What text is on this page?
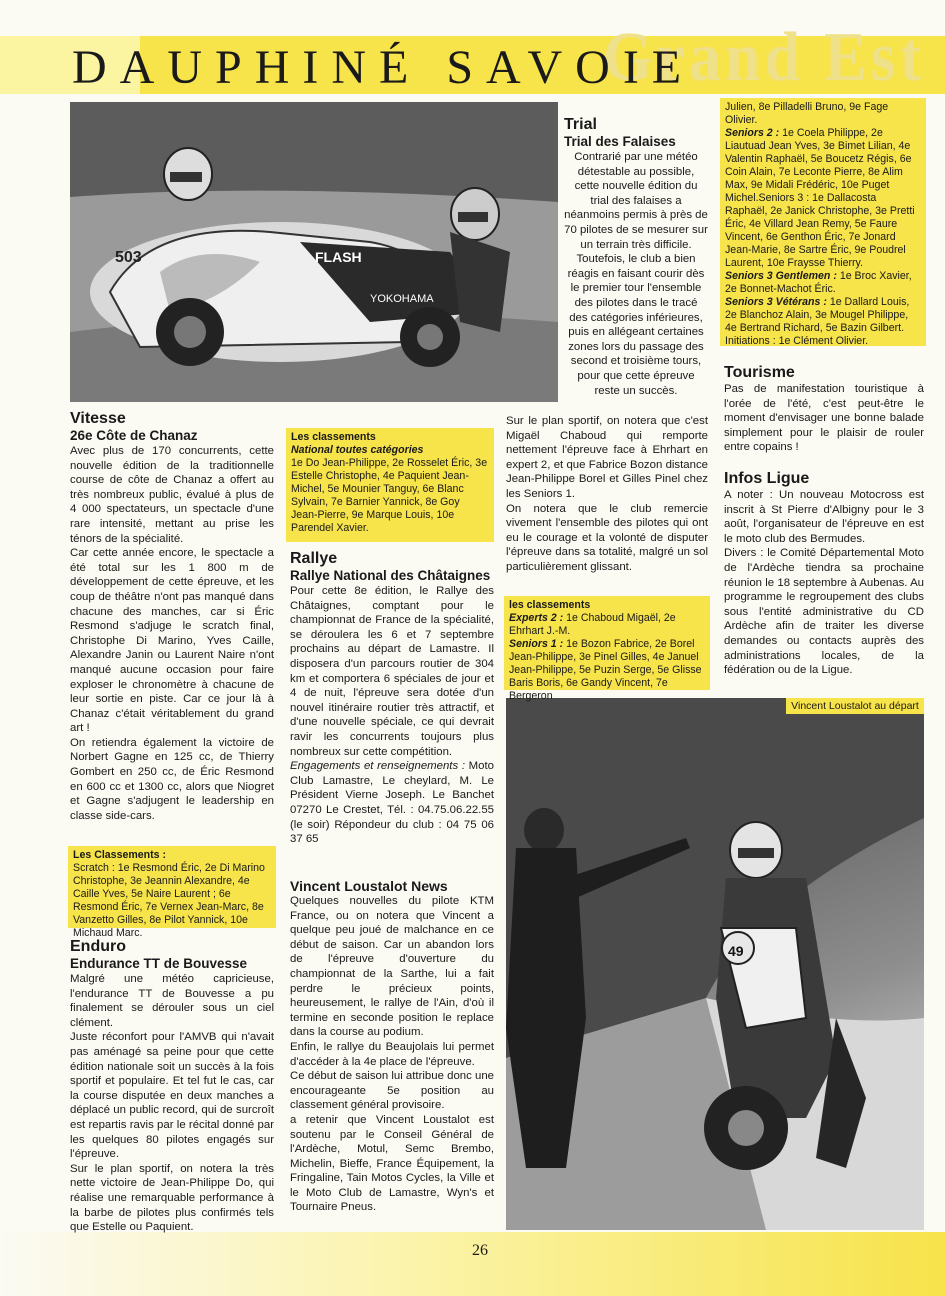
Grand Est
DAUPHINÉ SAVOIE
26
FLASH
YOKOHAMA
503
49
Vincent Loustalot au départ
Vitesse
26e Côte de Chanaz

Avec plus de 170 concurrents, cette nouvelle édition de la traditionnelle course de côte de Chanaz a offert au très nombreux public, évalué à plus de 4 000 spectateurs, un spectacle d'une rare intensité, mettant au prise les ténors de la spécialité.

Car cette année encore, le spectacle a été total sur les 1 800 m de développement de cette épreuve, et les coup de théâtre n'ont pas manqué dans chacune des manches, car si Éric Resmond s'adjuge le scratch final, Christophe Di Marino, Yves Caille, Alexandre Janin ou Laurent Naire n'ont manqué aucune occasion pour faire exploser le chronomètre à chacune de leur sortie en piste. Car ce jour là à Chanaz c'était véritablement du grand art !

On retiendra également la victoire de Norbert Gagne en 125 cc, de Thierry Gombert en 250 cc, de Éric Resmond en 600 cc et 1300 cc, alors que Niogret et Gagne s'adjugent le leadership en classe side-cars.

Les Classements :
Scratch : 1e Resmond Éric, 2e Di Marino Christophe, 3e Jeannin Alexandre, 4e Caille Yves, 5e Naire Laurent ; 6e Resmond Éric, 7e Vernex Jean-Marc, 8e Vanzetto Gilles, 8e Pilot Yannick, 10e Michaud Marc.
Enduro
Endurance TT de Bouvesse

Malgré une météo capricieuse, l'endurance TT de Bouvesse a pu finalement se dérouler sous un ciel clément.

Juste réconfort pour l'AMVB qui n'avait pas aménagé sa peine pour que cette édition nationale soit un succès à la fois sportif et populaire. Et tel fut le cas, car la course disputée en deux manches a déplacé un public record, qui de surcroît est repartis ravis par le récital donné par les quelques 80 pilotes engagés sur l'épreuve.

Sur le plan sportif, on notera la très nette victoire de Jean-Philippe Do, qui réalise une remarquable performance à la barbe de pilotes plus confirmés tels que Estelle ou Paquient.

Les classements
National toutes catégories
1e Do Jean-Philippe, 2e Rosselet Éric, 3e Estelle Christophe, 4e Paquient Jean-Michel, 5e Mounier Tanguy, 6e Blanc Sylvain, 7e Barnier Yannick, 8e Goy Jean-Pierre, 9e Marque Louis, 10e Parendel Xavier.
Rallye
Rallye National des Châtaignes

Pour cette 8e édition, le Rallye des Châtaignes, comptant pour le championnat de France de la spécialité, se déroulera les 6 et 7 septembre prochains au départ de Lamastre. Il disposera d'un parcours routier de 304 km et comportera 6 spéciales de jour et 4 de nuit, l'épreuve sera dotée d'un nouvel itinéraire routier très attractif, et d'une nouvelle spéciale, ce qui devrait ravir les concurrents toujours plus nombreux sur cette compétition.

Engagements et renseignements : Moto Club Lamastre, Le cheylard, M. Le Président Vierne Joseph. Le Banchet 07270 Le Crestet, Tél. : 04.75.06.22.55 (le soir) Répondeur du club : 04 75 06 37 65

Vincent Loustalot News

Quelques nouvelles du pilote KTM France, ou on notera que Vincent a quelque peu joué de malchance en ce début de saison. Car un abandon lors de l'épreuve d'ouverture du championnat de la Sarthe, lui a fait perdre le précieux points, heureusement, le rallye de l'Ain, d'où il termine en seconde position le replace dans la course au podium.

Enfin, le rallye du Beaujolais lui permet d'accéder à la 4e place de l'épreuve.

Ce début de saison lui attribue donc une encourageante 5e position au classement général provisoire.

a retenir que Vincent Loustalot est soutenu par le Conseil Général de l'Ardèche, Motul, Semc Brembo, Michelin, Bieffe, France Équipement, la Fringaline, Tain Motos Cycles, la Ville et le Moto Club de Lamastre, Wyn's et Tournaire Pneus.

Trial
Trial des Falaises
Contrarié par une météo détestable au possible, cette nouvelle édition du trial des falaises a néanmoins permis à près de 70 pilotes de se mesurer sur un terrain très difficile. Toutefois, le club a bien réagis en faisant courir dès le premier tour l'ensemble des pilotes dans le tracé des catégories inférieures, puis en allégeant certaines zones lors du passage des second et troisième tours, pour que cette épreuve reste un succès.

Sur le plan sportif, on notera que c'est Migaël Chaboud qui remporte nettement l'épreuve face à Ehrhart en expert 2, et que Fabrice Bozon distance Jean-Philippe Borel et Gilles Pinel chez les Seniors 1.

On notera que le club remercie vivement l'ensemble des pilotes qui ont eu le courage et la volonté de disputer l'épreuve dans sa totalité, malgré un sol particulièrement glissant.

les classements
Experts 2 : 1e Chaboud Migaël, 2e Ehrhart J.-M.
Seniors 1 : 1e Bozon Fabrice, 2e Borel Jean-Philippe, 3e Pinel Gilles, 4e Januel Jean-Philippe, 5e Puzin Serge, 5e Glisse Baris Boris, 6e Gandy Vincent, 7e Bergeron
Julien, 8e Pilladelli Bruno, 9e Fage Olivier.
Seniors 2 : 1e Coela Philippe, 2e Liautuad Jean Yves, 3e Bimet Lilian, 4e Valentin Raphaël, 5e Boucetz Régis, 6e Coin Alain, 7e Leconte Pierre, 8e Alim Max, 9e Midali Frédéric, 10e Puget Michel.Seniors 3 : 1e Dallacosta Raphaël, 2e Janick Christophe, 3e Pretti Éric, 4e Villard Jean Remy, 5e Faure Vincent, 6e Genthon Éric, 7e Jonard Jean-Marie, 8e Sartre Éric, 9e Poudrel Laurent, 10e Fraysse Thierry.
Seniors 3 Gentlemen : 1e Broc Xavier, 2e Bonnet-Machot Éric.
Seniors 3 Vétérans : 1e Dallard Louis, 2e Blanchoz Alain, 3e Mougel Philippe, 4e Bertrand Richard, 5e Bazin Gilbert.
Initiations : 1e Clément Olivier.
Tourisme
Pas de manifestation touristique à l'orée de l'été, c'est peut-être le moment d'envisager une bonne balade simplement pour le plaisir de rouler entre copains !
Infos Ligue

A noter : Un nouveau Motocross est inscrit à St Pierre d'Albigny pour le 3 août, l'organisateur de l'épreuve en est le moto club des Bermudes.

Divers : le Comité Départemental Moto de l'Ardèche tiendra sa prochaine réunion le 18 septembre à Aubenas. Au programme le regroupement des clubs sous l'entité administrative du CD Ardèche afin de traiter les diverse demandes ou contacts auprès des administrations locales, de la fédération ou de la Ligue.
